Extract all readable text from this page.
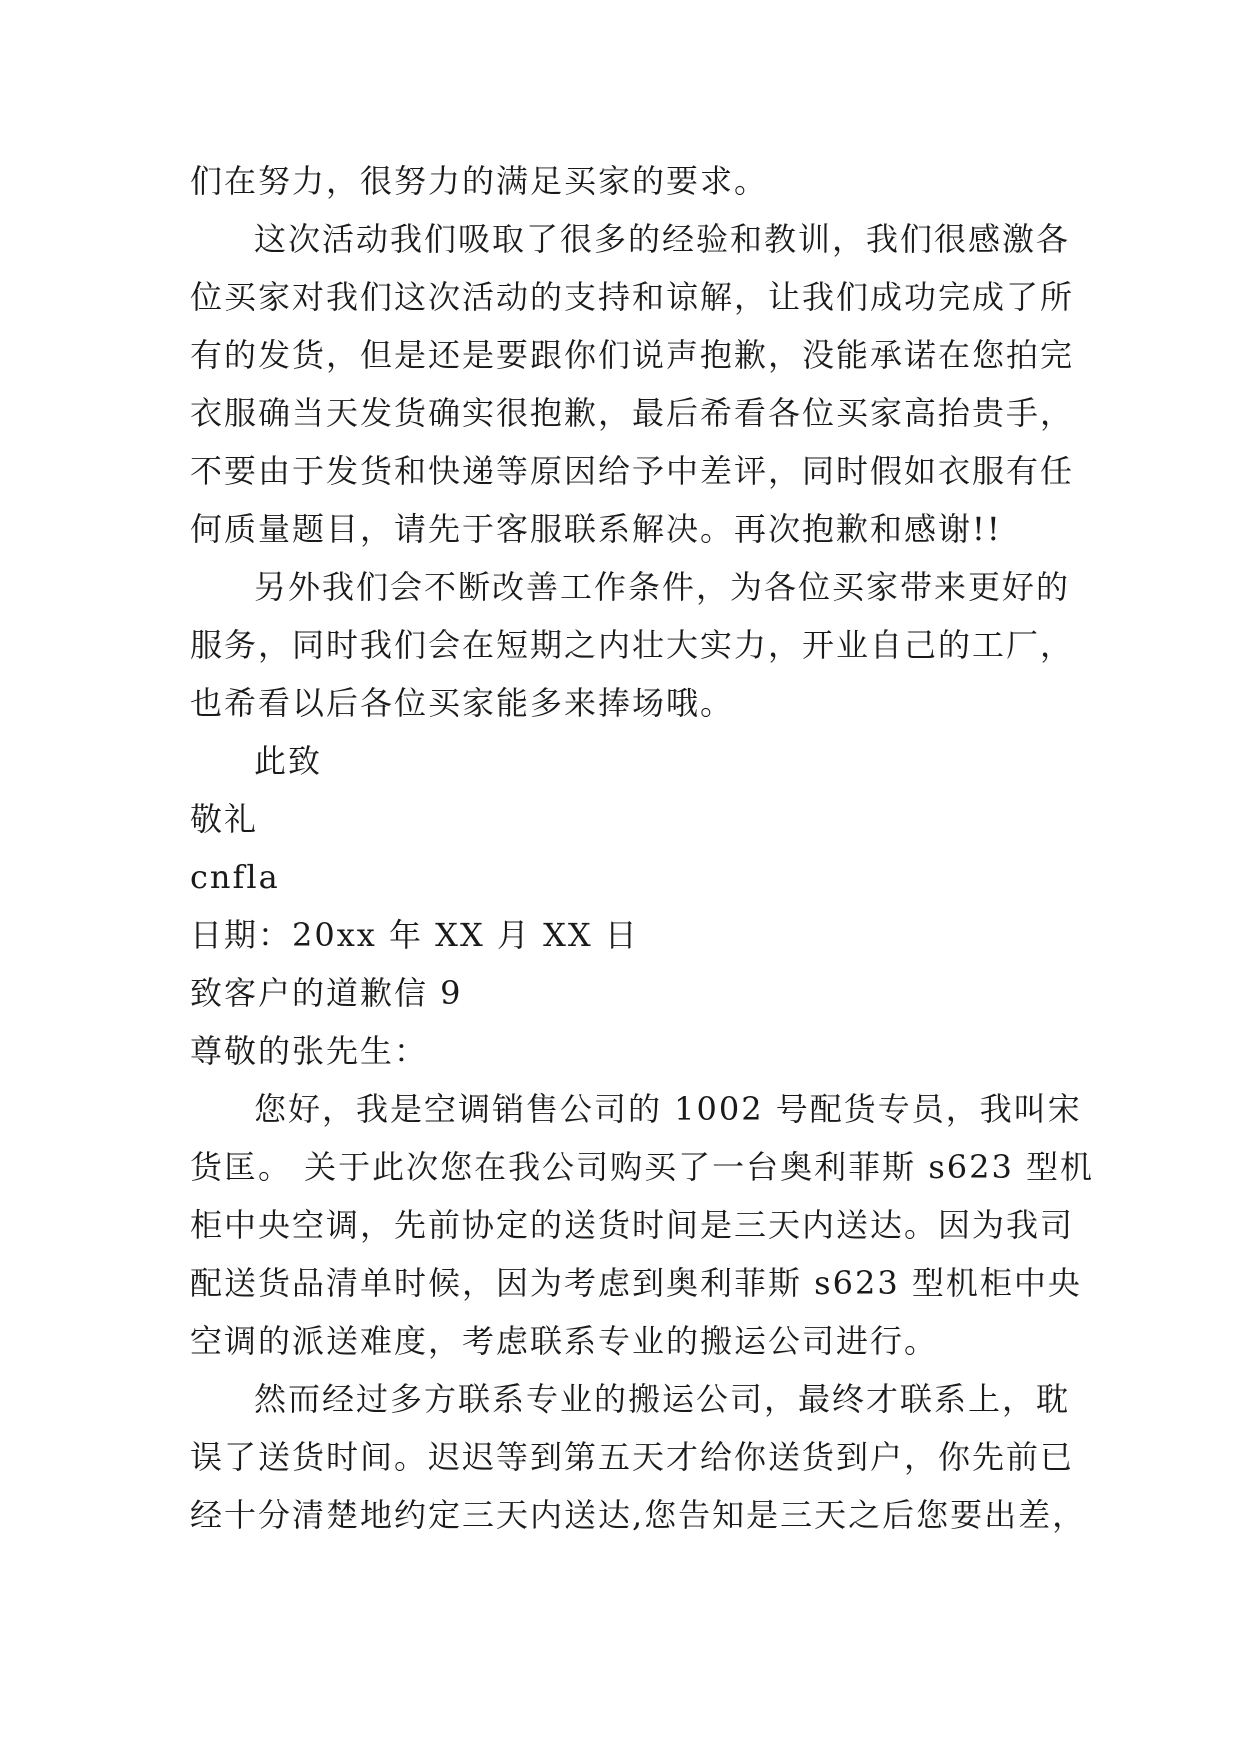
们在努力，很努力的满足买家的要求。
这次活动我们吸取了很多的经验和教训，我们很感激各
位买家对我们这次活动的支持和谅解，让我们成功完成了所
有的发货，但是还是要跟你们说声抱歉，没能承诺在您拍完
衣服确当天发货确实很抱歉，最后希看各位买家高抬贵手，
不要由于发货和快递等原因给予中差评，同时假如衣服有任
何质量题目，请先于客服联系解决。再次抱歉和感谢!!
另外我们会不断改善工作条件，为各位买家带来更好的
服务，同时我们会在短期之内壮大实力，开业自己的工厂，
也希看以后各位买家能多来捧场哦。
此致
敬礼
cnfla
日期：20xx 年 XX 月 XX 日
致客户的道歉信 9
尊敬的张先生：
您好，我是空调销售公司的 1002 号配货专员，我叫宋
货匡。 关于此次您在我公司购买了一台奥利菲斯 s623 型机
柜中央空调，先前协定的送货时间是三天内送达。因为我司
配送货品清单时候，因为考虑到奥利菲斯 s623 型机柜中央
空调的派送难度，考虑联系专业的搬运公司进行。
然而经过多方联系专业的搬运公司，最终才联系上，耽
误了送货时间。迟迟等到第五天才给你送货到户，你先前已
经十分清楚地约定三天内送达,您告知是三天之后您要出差，
